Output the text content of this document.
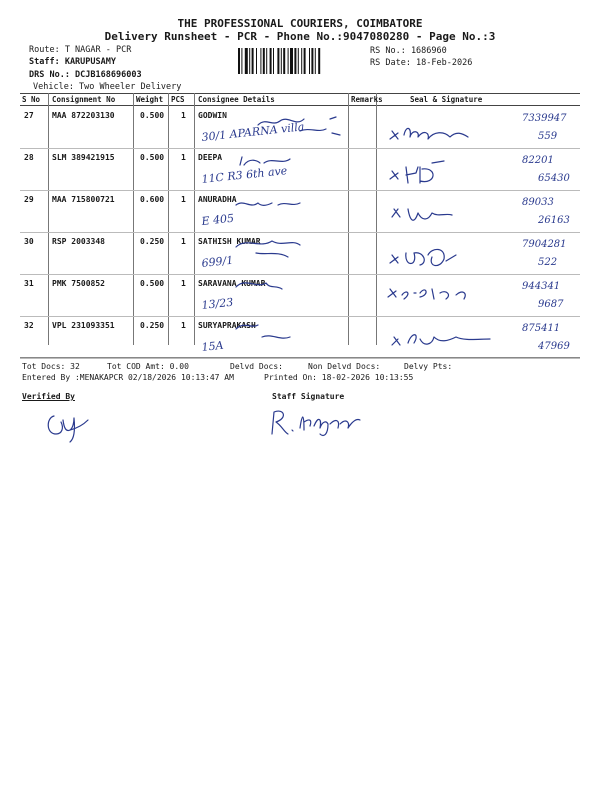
THE PROFESSIONAL COURIERS, COIMBATORE
Delivery Runsheet - PCR - Phone No.:9047080280 - Page No.:3
Route: T NAGAR - PCR
Staff: KARUPUSAMY
DRS No.: DCJB168696003
Vehicle: Two Wheeler Delivery
RS No.: 1686960
RS Date: 18-Feb-2026
S No Consignment No	Weight PCS Consignee Details	Remarks	Seal & Signature
27 MAA 872203130	0.500 1 GODWIN
30/1 APARNA villa
7339947
559
28 SLM 389421915	0.500 1 DEEPA
11C R3 6th ave
82201
65430
29 MAA 715800721	0.600 1 ANURADHA
E 405
89033
26163
30 RSP 2003348	0.250 1 SATHISH KUMAR
699/1
7904281
522
31 PMK 7500852	0.500 1 SARAVANA KUMAR
13/23
944341
9687
32 VPL 231093351	0.250 1 SURYAPRAKASH
15A
875411
47969
Tot Docs: 32	Tot COD Amt: 0.00	Delvd Docs:	Non Delvd Docs:	Delvy Pts:
Entered By :MENAKAPCR 02/18/2026 10:13:47 AM	Printed On: 18-02-2026 10:13:55
Verified By	Staff Signature
